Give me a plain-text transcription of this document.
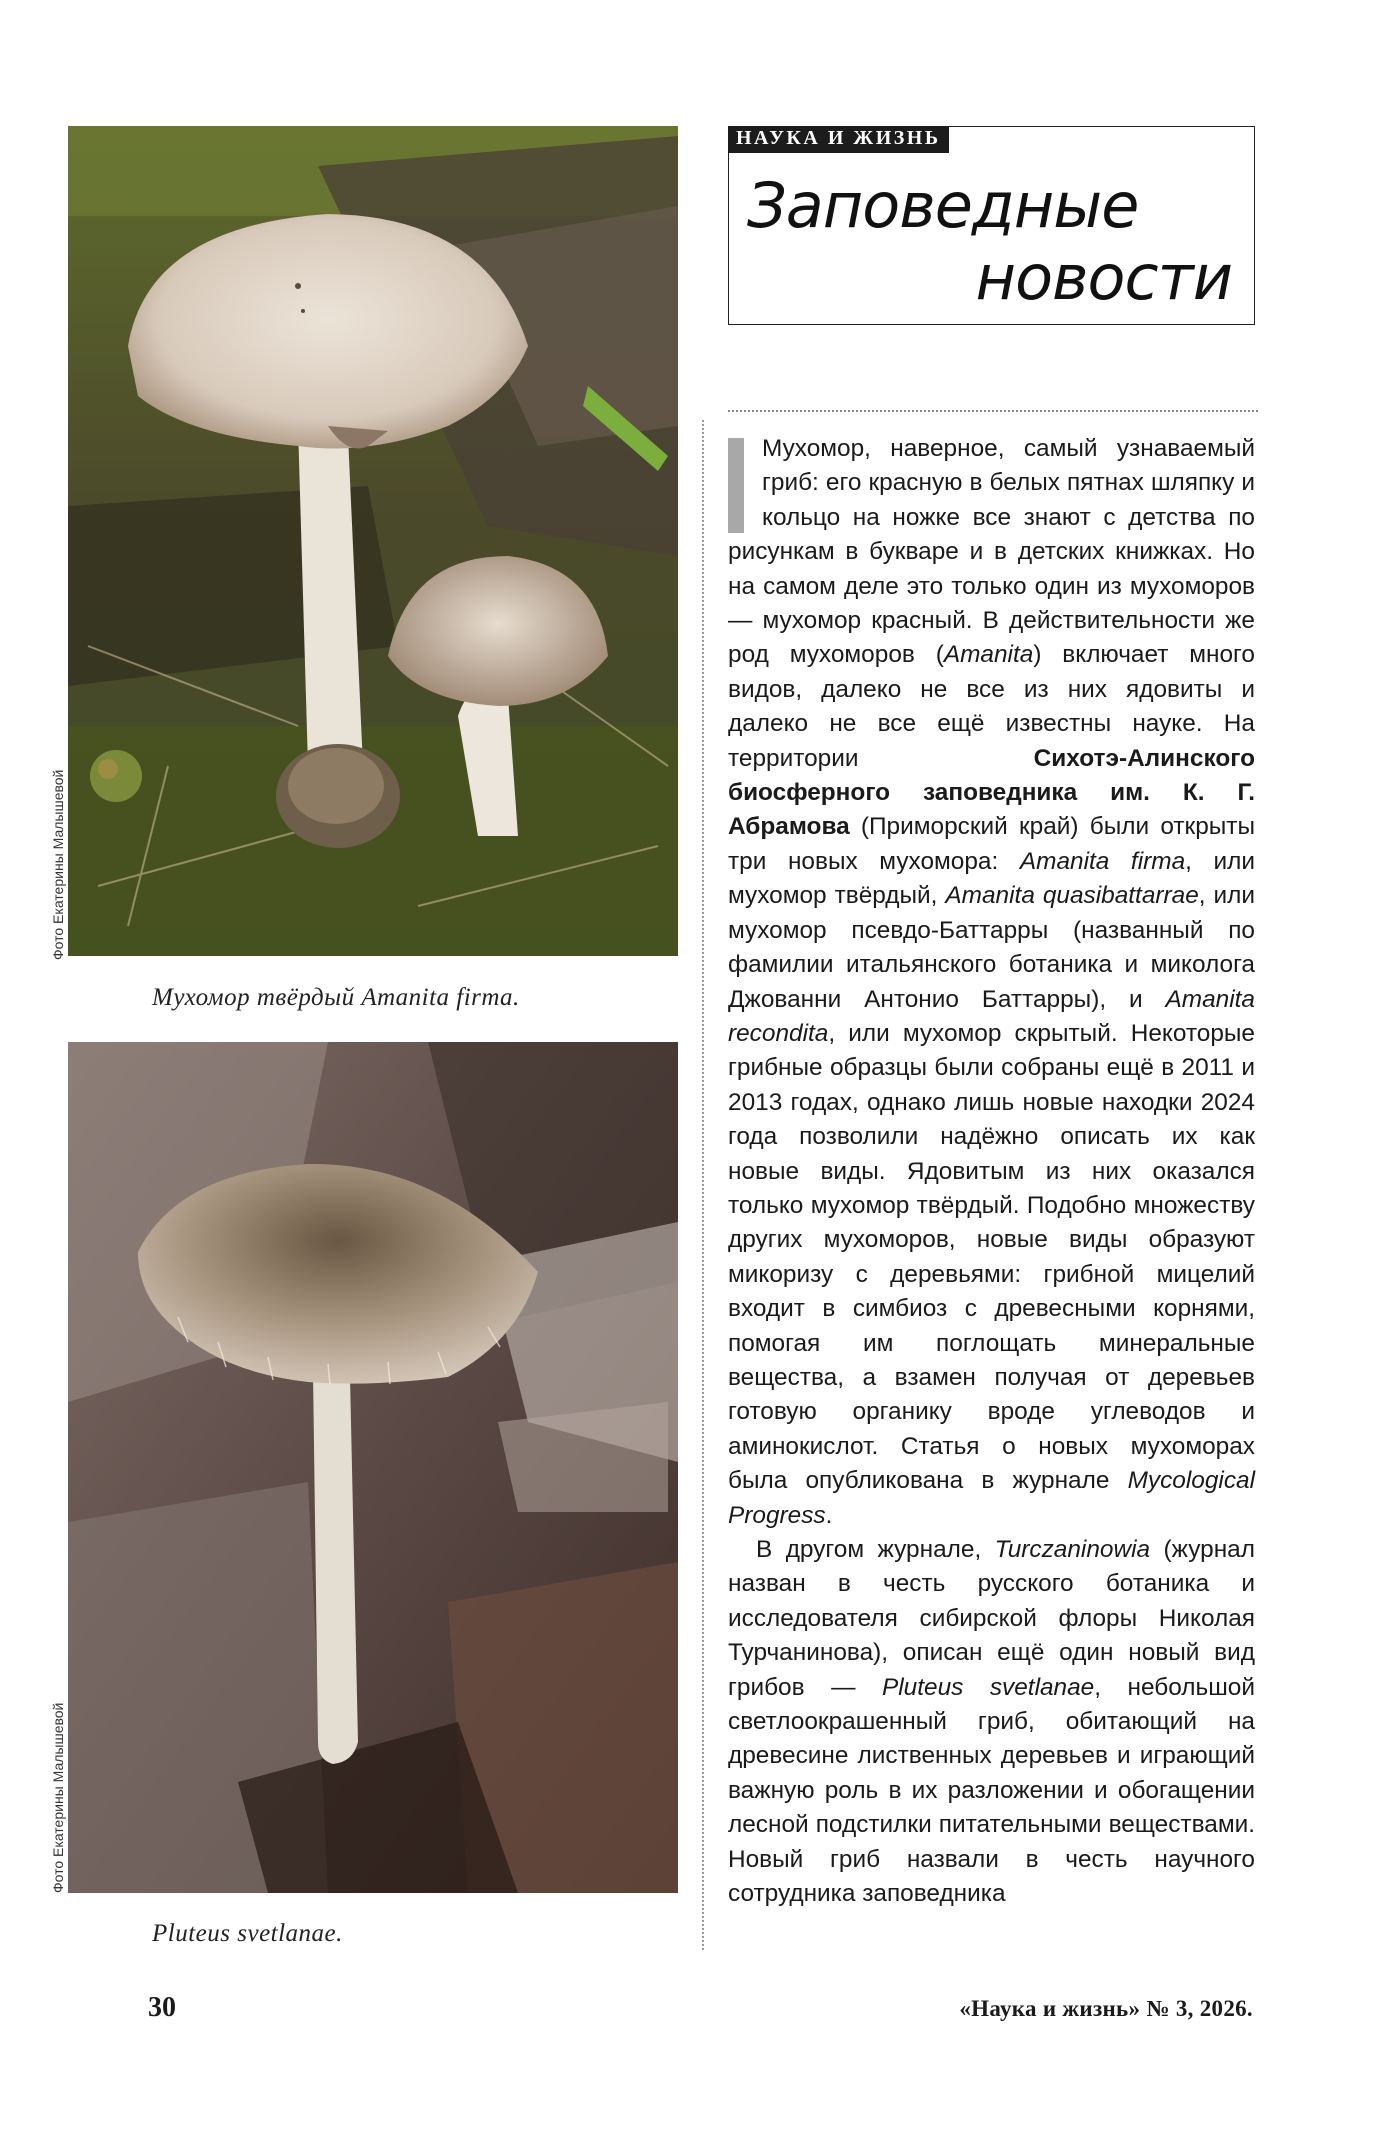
Фото Екатерины Малышевой
Мухомор твёрдый Amanita firma.
Фото Екатерины Малышевой
Pluteus svetlanae.
НАУКА И ЖИЗНЬ
Заповедные
новости

Мухомор, наверное, самый узнаваемый гриб: его красную в белых пятнах шляпку и кольцо на ножке все знают с детства по рисункам в букваре и в детских книжках. Но на самом деле это только один из мухоморов — мухомор красный. В действительности же род мухоморов (Amanita) включает много видов, далеко не все из них ядовиты и далеко не все ещё известны науке. На территории Сихотэ-Алинского биосферного заповедника им. К. Г. Абрамова (Приморский край) были открыты три новых мухомора: Amanita firma, или мухомор твёрдый, Amanita quasibattarrae, или мухомор псевдо-Баттарры (названный по фамилии итальянского ботаника и миколога Джованни Антонио Баттарры), и Amanita recondita, или мухомор скрытый. Некоторые грибные образцы были собраны ещё в 2011 и 2013 годах, однако лишь новые находки 2024 года позволили надёжно описать их как новые виды. Ядовитым из них оказался только мухомор твёрдый. Подобно множеству других мухоморов, новые виды образуют микоризу с деревьями: грибной мицелий входит в симбиоз с древесными корнями, помогая им поглощать минеральные вещества, а взамен получая от деревьев готовую органику вроде углеводов и аминокислот. Статья о новых мухоморах была опубликована в журнале Mycological Progress.

В другом журнале, Turczaninowia (журнал назван в честь русского ботаника и исследователя сибирской флоры Николая Турчанинова), описан ещё один новый вид грибов — Pluteus svetlanae, небольшой светлоокрашенный гриб, обитающий на древесине лиственных деревьев и играющий важную роль в их разложении и обогащении лесной подстилки питательными веществами. Новый гриб назвали в честь научного сотрудника заповедника

30	«Наука и жизнь» № 3, 2026.
